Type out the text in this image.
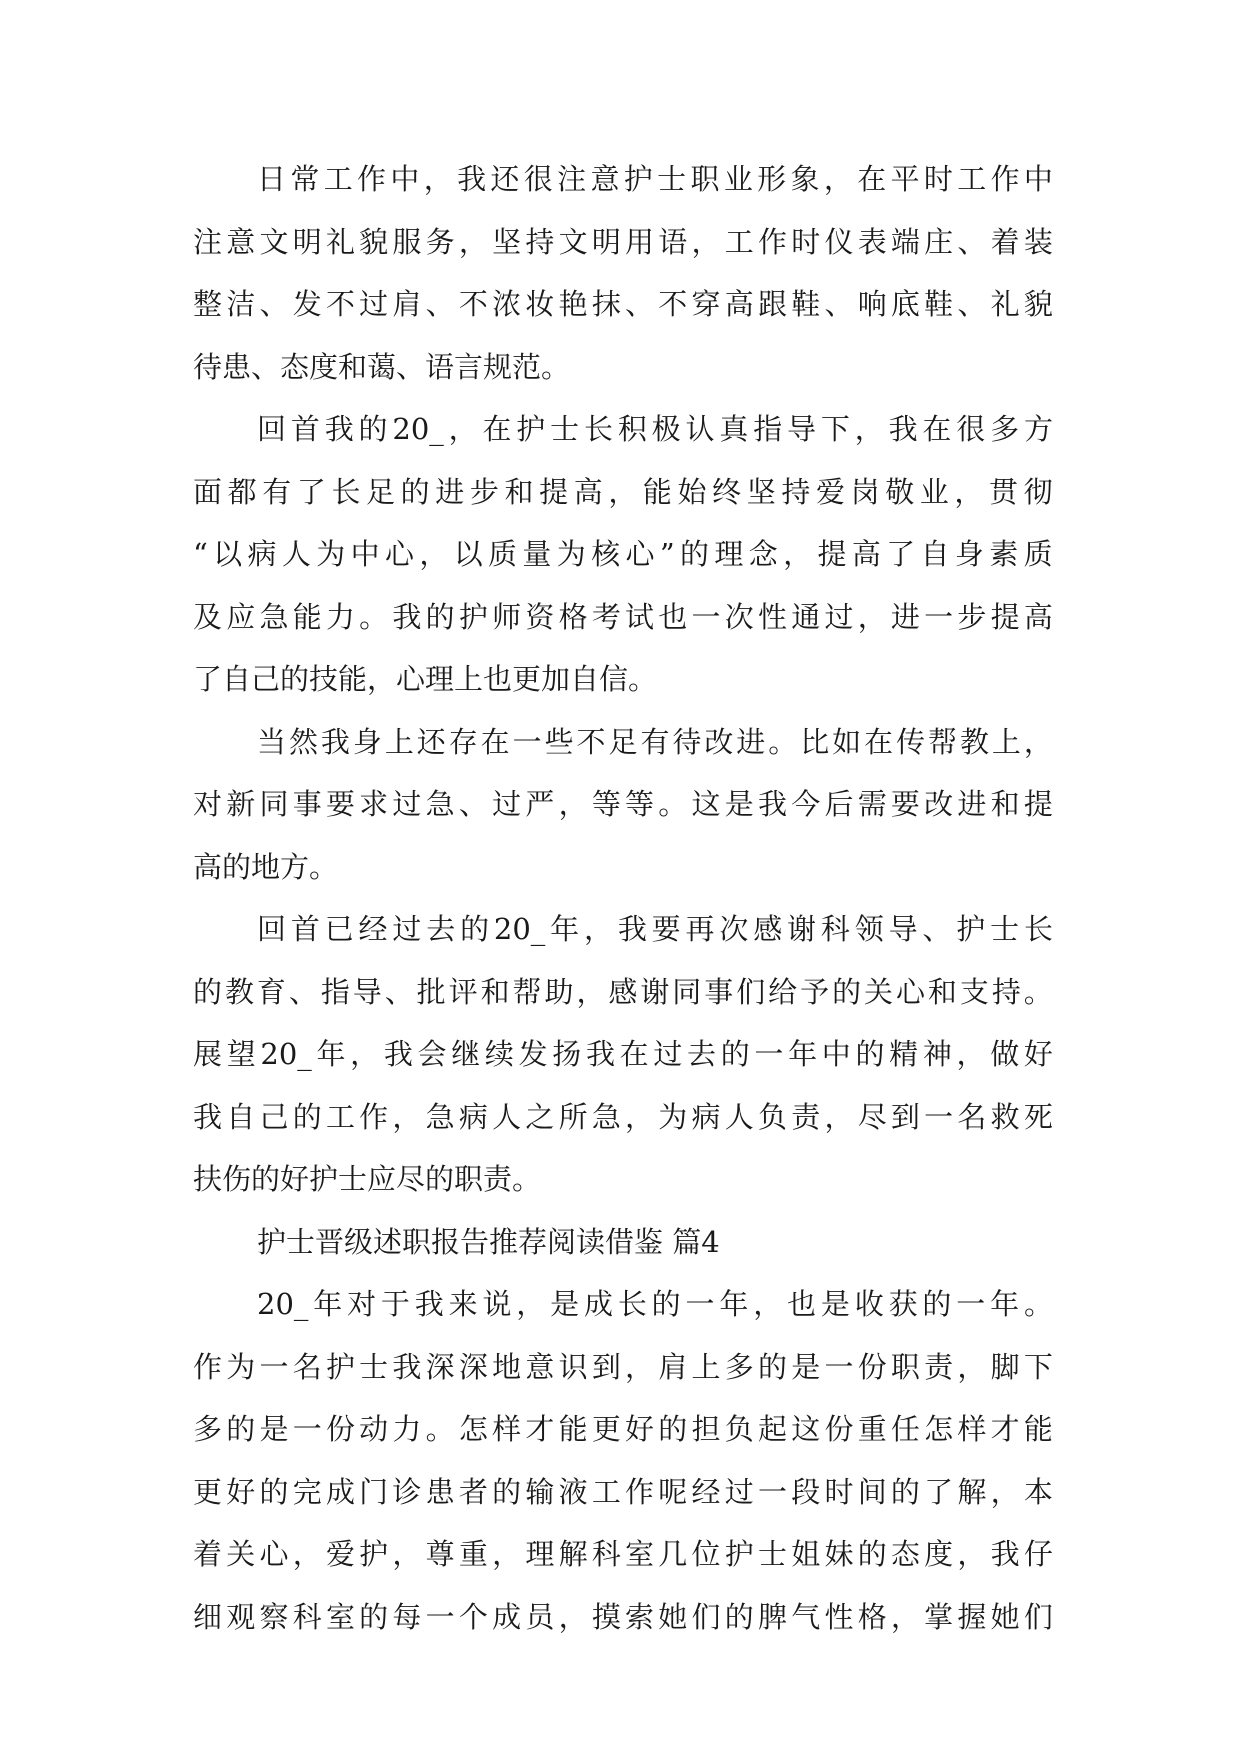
日 常 工 作 中 ， 我 还 很 注 意 护 士 职 业 形 象 ， 在 平 时 工 作 中
注 意 文 明 礼 貌 服 务 ， 坚 持 文 明 用 语 ， 工 作 时 仪 表 端 庄 、 着 装
整 洁 、 发 不 过 肩 、 不 浓 妆 艳 抹 、 不 穿 高 跟 鞋 、 响 底 鞋 、 礼 貌
待患、态度和蔼、语言规范。
回 首 我 的 20_ ， 在 护 士 长 积 极 认 真 指 导 下 ， 我 在 很 多 方
面 都 有 了 长 足 的 进 步 和 提 高 ， 能 始 终 坚 持 爱 岗 敬 业 ， 贯 彻
“ 以 病 人 为 中 心 ， 以 质 量 为 核 心 ” 的 理 念 ， 提 高 了 自 身 素 质
及 应 急 能 力 。 我 的 护 师 资 格 考 试 也 一 次 性 通 过 ， 进 一 步 提 高
了自己的技能，心理上也更加自信。
当 然 我 身 上 还 存 在 一 些 不 足 有 待 改 进 。 比 如 在 传 帮 教 上 ，
对 新 同 事 要 求 过 急 、 过 严 ， 等 等 。 这 是 我 今 后 需 要 改 进 和 提
高的地方。
回 首 已 经 过 去 的 20_ 年 ， 我 要 再 次 感 谢 科 领 导 、 护 士 长
的 教 育 、 指 导 、 批 评 和 帮 助 ， 感 谢 同 事 们 给 予 的 关 心 和 支 持 。
展 望 20_ 年 ， 我 会 继 续 发 扬 我 在 过 去 的 一 年 中 的 精 神 ， 做 好
我 自 己 的 工 作 ， 急 病 人 之 所 急 ， 为 病 人 负 责 ， 尽 到 一 名 救 死
扶伤的好护士应尽的职责。
护士晋级述职报告推荐阅读借鉴 篇4
20_ 年 对 于 我 来 说 ， 是 成 长 的 一 年 ， 也 是 收 获 的 一 年 。
作 为 一 名 护 士 我 深 深 地 意 识 到 ， 肩 上 多 的 是 一 份 职 责 ， 脚 下
多 的 是 一 份 动 力 。 怎 样 才 能 更 好 的 担 负 起 这 份 重 任 怎 样 才 能
更 好 的 完 成 门 诊 患 者 的 输 液 工 作 呢 经 过 一 段 时 间 的 了 解 ， 本
着 关 心 ， 爱 护 ， 尊 重 ， 理 解 科 室 几 位 护 士 姐 妹 的 态 度 ， 我 仔
细 观 察 科 室 的 每 一 个 成 员 ， 摸 索 她 们 的 脾 气 性 格 ， 掌 握 她 们
